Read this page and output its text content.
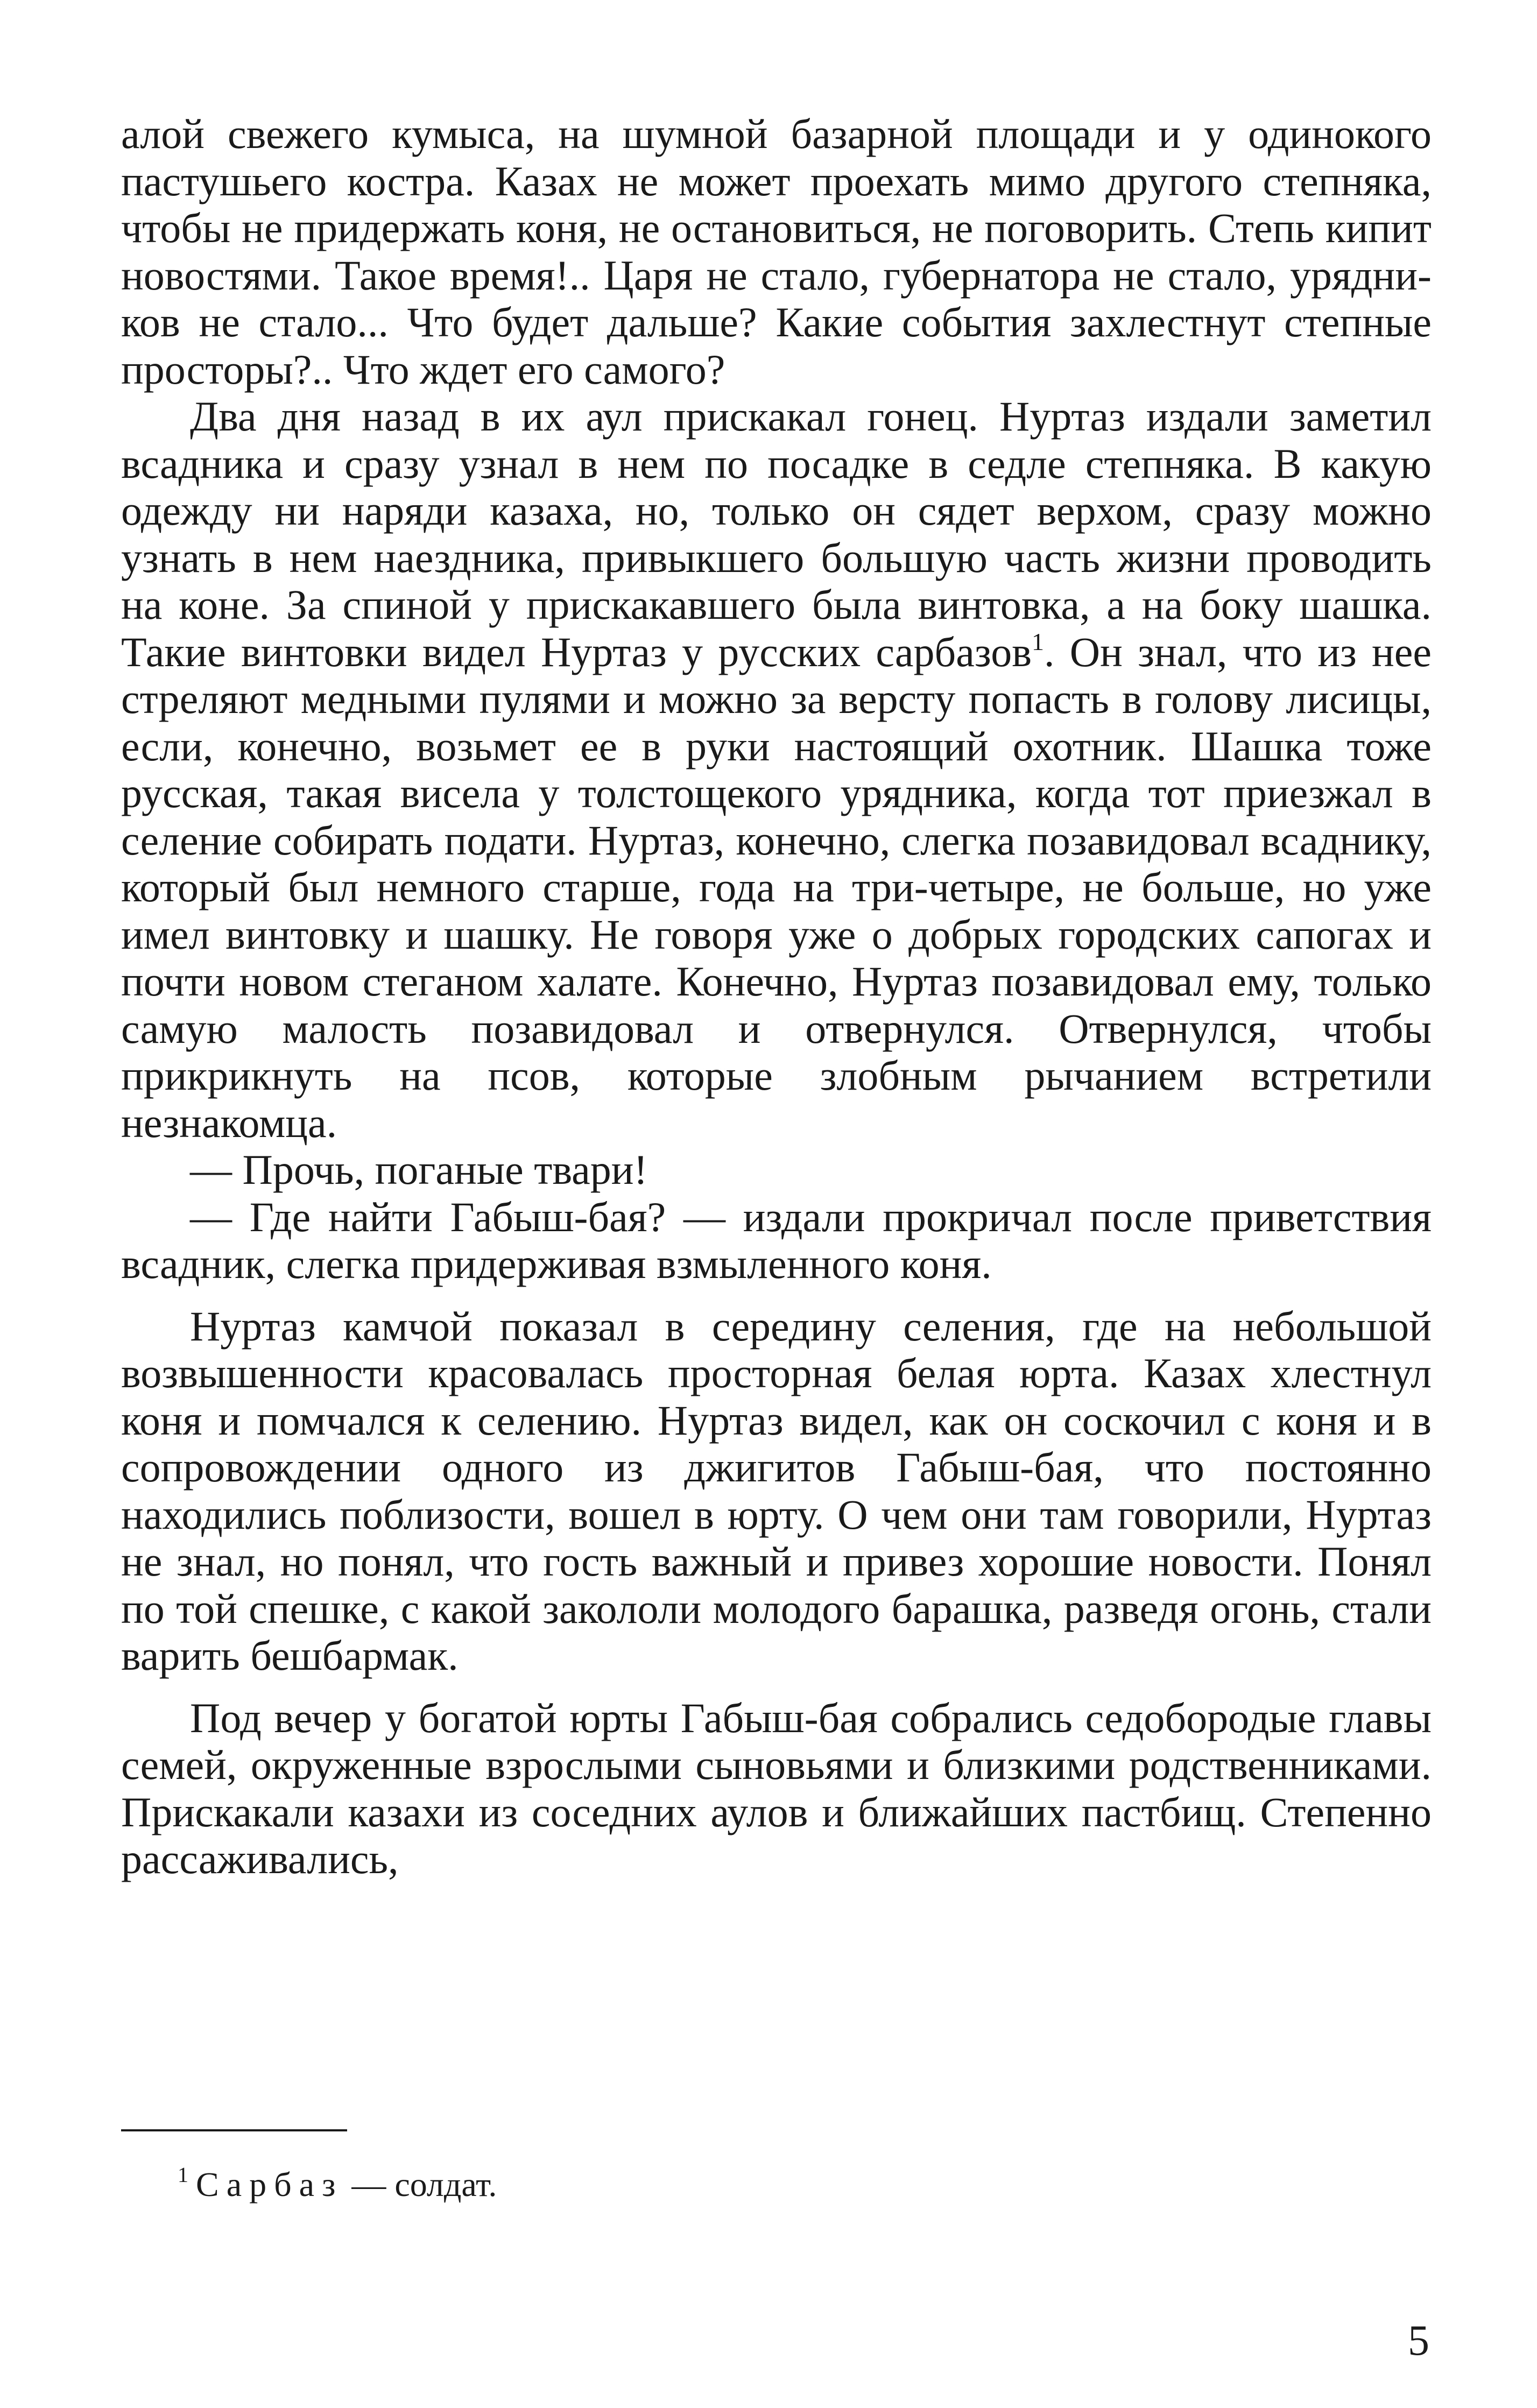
алой свежего кумыса, на шумной базарной площади и у одинокого пастушьего костра. Казах не может проехать мимо другого степняка, чтобы не придержать коня, не остановиться, не поговорить. Степь кипит новостями. Такое время!.. Царя не стало, губернатора не стало, урядников не стало... Что будет дальше? Какие события захлестнут степные просторы?.. Что ждет его самого?

Два дня назад в их аул прискакал гонец. Нуртаз издали заметил всадника и сразу узнал в нем по посадке в седле степняка. В какую одежду ни наряди казаха, но, только он сядет верхом, сразу можно узнать в нем наездника, привыкшего большую часть жизни проводить на коне. За спиной у прискакавшего была винтовка, а на боку шашка. Такие винтовки видел Нуртаз у русских сарбазов$^1$. Он знал, что из нее стреляют медными пулями и можно за версту попасть в голову лисицы, если, конечно, возьмет ее в руки настоящий охотник. Шашка тоже русская, такая висела у толстощекого урядника, когда тот приезжал в селение собирать подати. Нуртаз, конечно, слегка позавидовал всаднику, который был немного старше, года на три-четыре, не больше, но уже имел винтовку и шашку. Не говоря уже о добрых городских сапогах и почти новом стеганом халате. Конечно, Нуртаз позавидовал ему, только самую малость позавидовал и отвернулся. Отвернулся, чтобы прикрикнуть на псов, которые злобным рычанием встретили незнакомца.

— Прочь, поганые твари!

— Где найти Габыш-бая? — издали прокричал после приветствия всадник, слегка придерживая взмыленного коня.

Нуртаз камчой показал в середину селения, где на небольшой возвышенности красовалась просторная белая юрта. Казах хлестнул коня и помчался к селению. Нуртаз видел, как он соскочил с коня и в сопровождении одного из джигитов Габыш-бая, что постоянно находились поблизости, вошел в юрту. О чем они там говорили, Нуртаз не знал, но понял, что гость важный и привез хорошие новости. Понял по той спешке, с какой закололи молодого барашка, разведя огонь, стали варить бешбармак.

Под вечер у богатой юрты Габыш-бая собрались седобородые главы семей, окруженные взрослыми сыновьями и близкими родственниками. Прискакали казахи из соседних аулов и ближайших пастбищ. Степенно рассаживались,

$^1$ Сарбаз — солдат.
5
